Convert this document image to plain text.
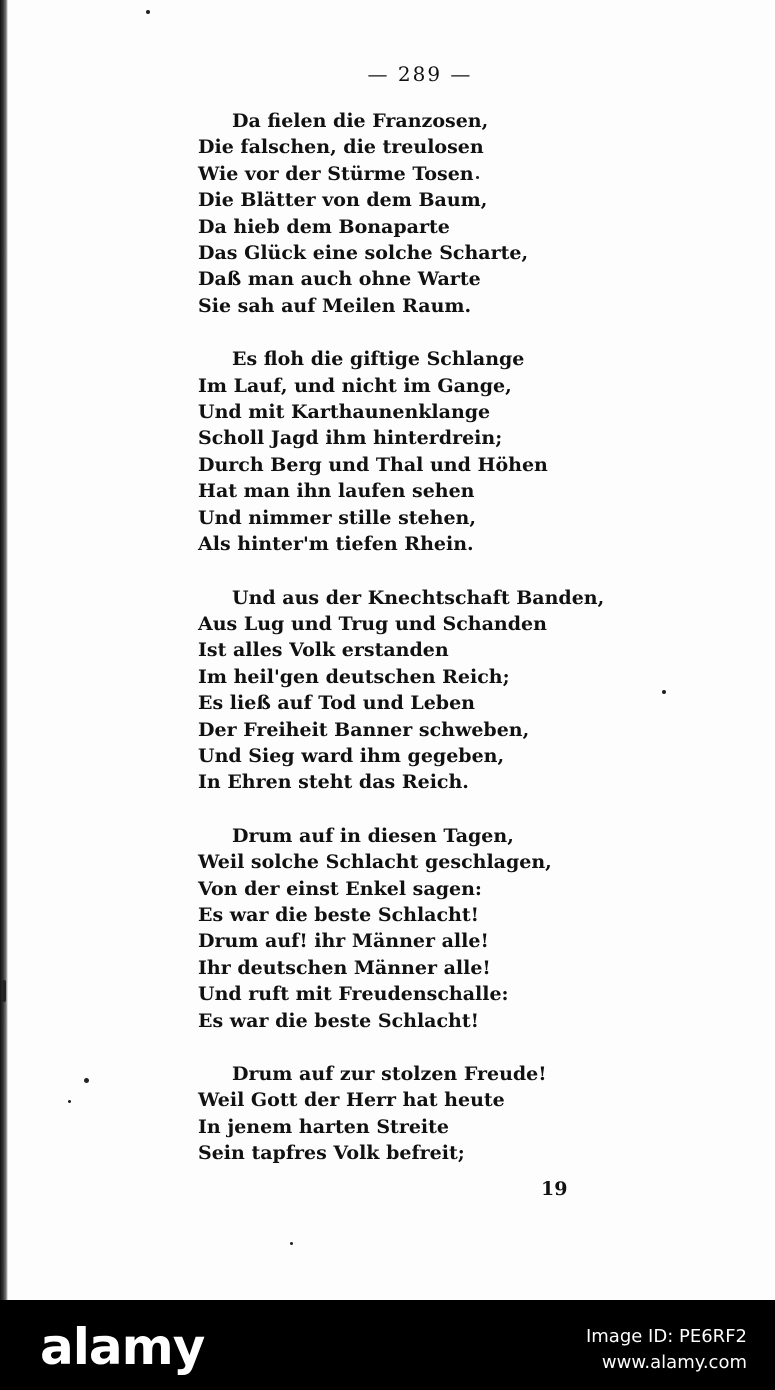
— 289 —
Da fielen die Franzosen,
Die falschen, die treulosen
Wie vor der Stürme Tosen
Die Blätter von dem Baum,
Da hieb dem Bonaparte
Das Glück eine solche Scharte,
Daß man auch ohne Warte
Sie sah auf Meilen Raum.
Es floh die giftige Schlange
Im Lauf, und nicht im Gange,
Und mit Karthaunenklange
Scholl Jagd ihm hinterdrein;
Durch Berg und Thal und Höhen
Hat man ihn laufen sehen
Und nimmer stille stehen,
Als hinter'm tiefen Rhein.
Und aus der Knechtschaft Banden,
Aus Lug und Trug und Schanden
Ist alles Volk erstanden
Im heil'gen deutschen Reich;
Es ließ auf Tod und Leben
Der Freiheit Banner schweben,
Und Sieg ward ihm gegeben,
In Ehren steht das Reich.
Drum auf in diesen Tagen,
Weil solche Schlacht geschlagen,
Von der einst Enkel sagen:
Es war die beste Schlacht!
Drum auf! ihr Männer alle!
Ihr deutschen Männer alle!
Und ruft mit Freudenschalle:
Es war die beste Schlacht!
Drum auf zur stolzen Freude!
Weil Gott der Herr hat heute
In jenem harten Streite
Sein tapfres Volk befreit;
19
alamy	Image ID: PE6RF2
www.alamy.com
